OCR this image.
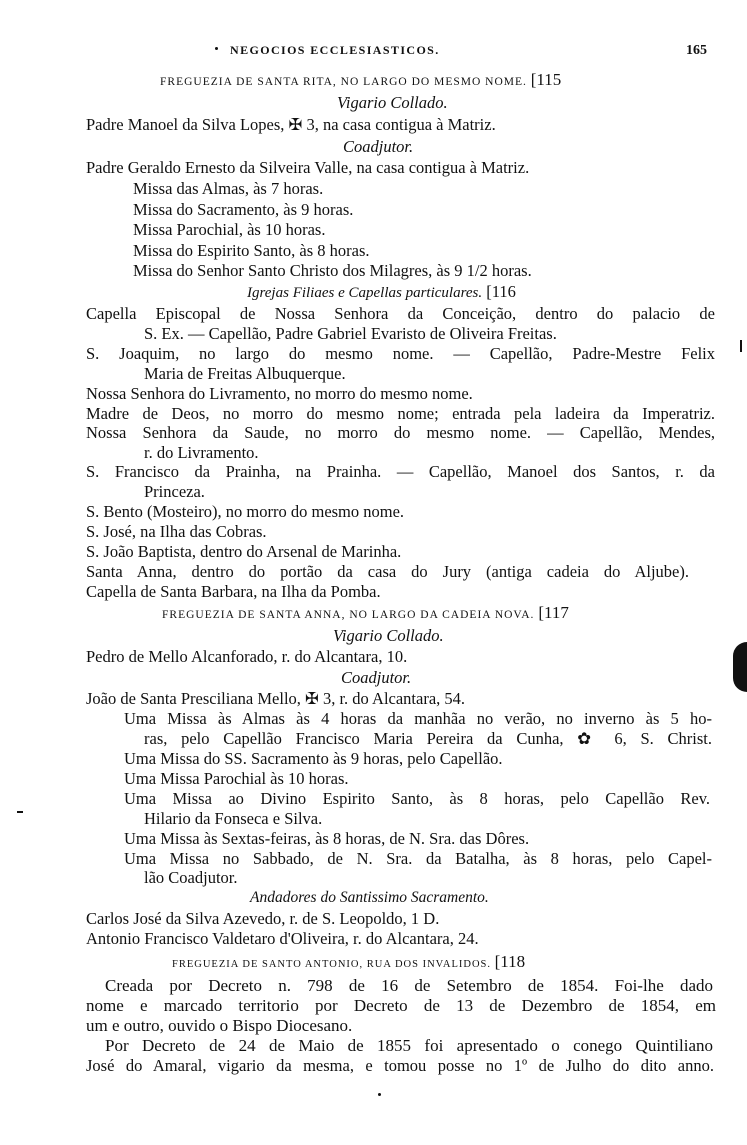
NEGOCIOS ECCLESIASTICOS.	165
FREGUEZIA DE SANTA RITA, NO LARGO DO MESMO NOME. [115
Vigario Collado.
Padre Manoel da Silva Lopes, ✠ 3, na casa contigua à Matriz.
Coadjutor.
Padre Geraldo Ernesto da Silveira Valle, na casa contigua à Matriz.
Missa das Almas, às 7 horas.
Missa do Sacramento, às 9 horas.
Missa Parochial, às 10 horas.
Missa do Espirito Santo, às 8 horas.
Missa do Senhor Santo Christo dos Milagres, às 9 1/2 horas.
Igrejas Filiaes e Capellas particulares. [116
Capella Episcopal de Nossa Senhora da Conceição, dentro do palacio de
S. Ex. — Capellão, Padre Gabriel Evaristo de Oliveira Freitas.
S. Joaquim, no largo do mesmo nome. — Capellão, Padre-Mestre Felix
Maria de Freitas Albuquerque.
Nossa Senhora do Livramento, no morro do mesmo nome.
Madre de Deos, no morro do mesmo nome; entrada pela ladeira da Imperatriz.
Nossa Senhora da Saude, no morro do mesmo nome. — Capellão, Mendes,
r. do Livramento.
S. Francisco da Prainha, na Prainha. — Capellão, Manoel dos Santos, r. da
Princeza.
S. Bento (Mosteiro), no morro do mesmo nome.
S. José, na Ilha das Cobras.
S. João Baptista, dentro do Arsenal de Marinha.
Santa Anna, dentro do portão da casa do Jury (antiga cadeia do Aljube).
Capella de Santa Barbara, na Ilha da Pomba.
FREGUEZIA DE SANTA ANNA, NO LARGO DA CADEIA NOVA. [117
Vigario Collado.
Pedro de Mello Alcanforado, r. do Alcantara, 10.
Coadjutor.
João de Santa Presciliana Mello, ✠ 3, r. do Alcantara, 54.
Uma Missa às Almas às 4 horas da manhãa no verão, no inverno às 5 ho-
ras, pelo Capellão Francisco Maria Pereira da Cunha, ✿ 6, S. Christ.
Uma Missa do SS. Sacramento às 9 horas, pelo Capellão.
Uma Missa Parochial às 10 horas.
Uma Missa ao Divino Espirito Santo, às 8 horas, pelo Capellão Rev.
Hilario da Fonseca e Silva.
Uma Missa às Sextas-feiras, às 8 horas, de N. Sra. das Dôres.
Uma Missa no Sabbado, de N. Sra. da Batalha, às 8 horas, pelo Capel-
lão Coadjutor.
Andadores do Santissimo Sacramento.
Carlos José da Silva Azevedo, r. de S. Leopoldo, 1 D.
Antonio Francisco Valdetaro d'Oliveira, r. do Alcantara, 24.
FREGUEZIA DE SANTO ANTONIO, RUA DOS INVALIDOS. [118
Creada por Decreto n. 798 de 16 de Setembro de 1854. Foi-lhe dado
nome e marcado territorio por Decreto de 13 de Dezembro de 1854, em
um e outro, ouvido o Bispo Diocesano.
Por Decreto de 24 de Maio de 1855 foi apresentado o conego Quintiliano
José do Amaral, vigario da mesma, e tomou posse no 1º de Julho do dito anno.
